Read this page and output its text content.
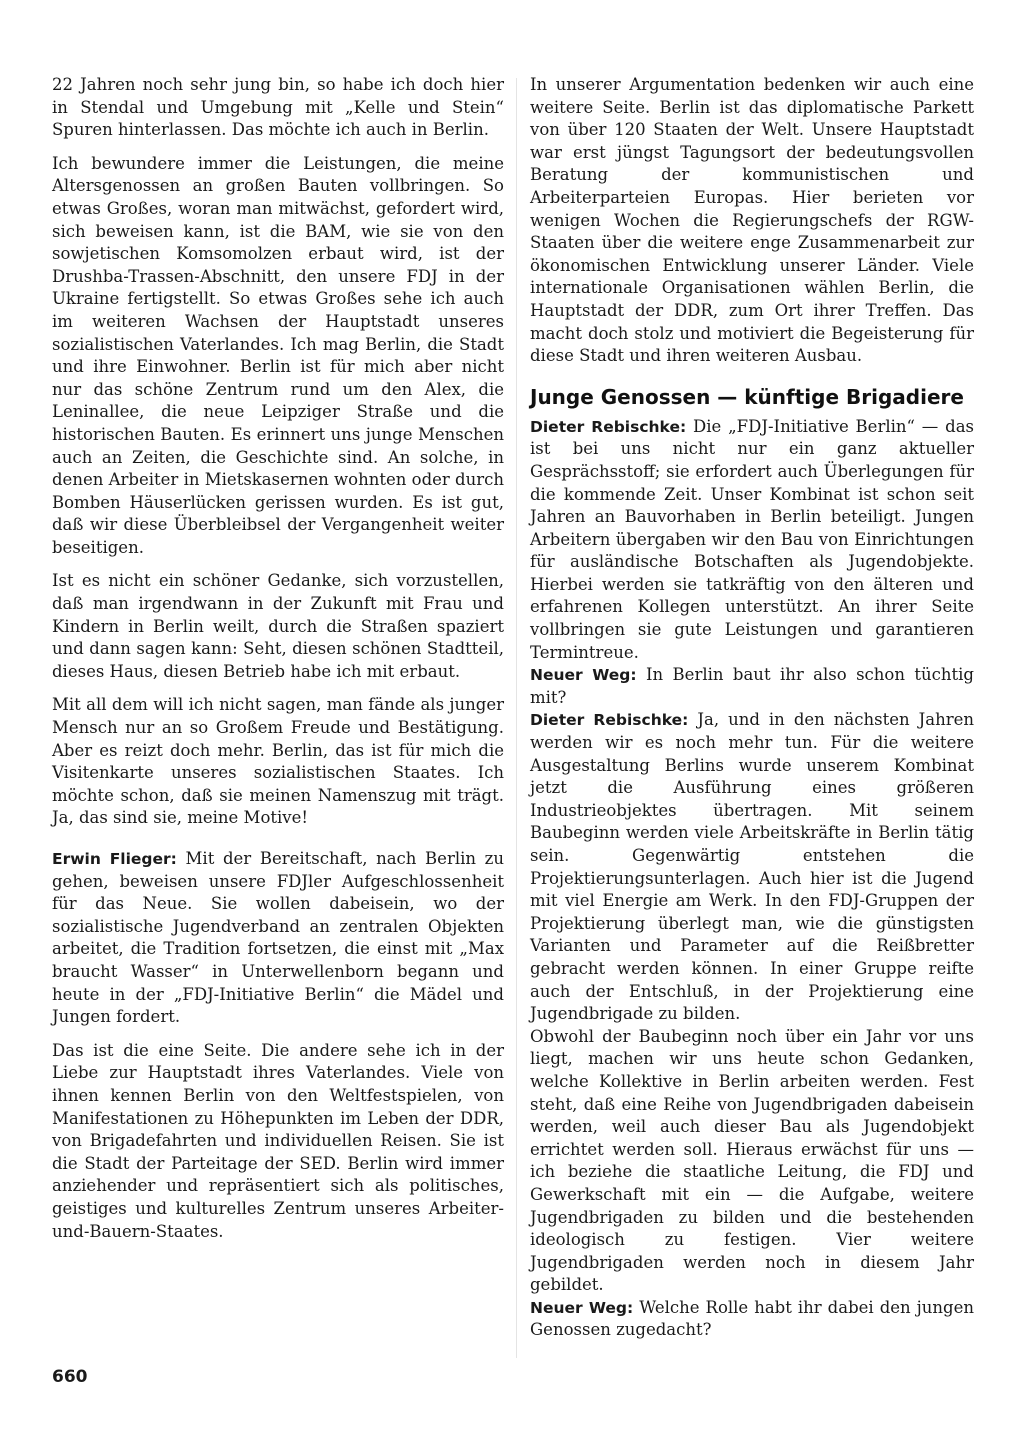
22 Jahren noch sehr jung bin, so habe ich doch hier in Stendal und Umgebung mit „Kelle und Stein“ Spuren hinterlassen. Das möchte ich auch in Berlin.

Ich bewundere immer die Leistungen, die meine Altersgenossen an großen Bauten vollbringen. So etwas Großes, woran man mitwächst, gefordert wird, sich beweisen kann, ist die BAM, wie sie von den sowjetischen Komsomolzen erbaut wird, ist der Drushba-Trassen-Abschnitt, den unsere FDJ in der Ukraine fertigstellt. So etwas Großes sehe ich auch im weiteren Wachsen der Hauptstadt unseres sozialistischen Vaterlandes. Ich mag Berlin, die Stadt und ihre Einwohner. Berlin ist für mich aber nicht nur das schöne Zentrum rund um den Alex, die Leninallee, die neue Leipziger Straße und die historischen Bauten. Es erinnert uns junge Menschen auch an Zeiten, die Geschichte sind. An solche, in denen Arbeiter in Mietskasernen wohnten oder durch Bomben Häuserlücken gerissen wurden. Es ist gut, daß wir diese Überbleibsel der Vergangenheit weiter beseitigen.

Ist es nicht ein schöner Gedanke, sich vorzustellen, daß man irgendwann in der Zukunft mit Frau und Kindern in Berlin weilt, durch die Straßen spaziert und dann sagen kann: Seht, diesen schönen Stadtteil, dieses Haus, diesen Betrieb habe ich mit erbaut.

Mit all dem will ich nicht sagen, man fände als junger Mensch nur an so Großem Freude und Bestätigung. Aber es reizt doch mehr. Berlin, das ist für mich die Visitenkarte unseres sozialistischen Staates. Ich möchte schon, daß sie meinen Namenszug mit trägt. Ja, das sind sie, meine Motive!

Erwin Flieger: Mit der Bereitschaft, nach Berlin zu gehen, beweisen unsere FDJler Aufgeschlossenheit für das Neue. Sie wollen dabeisein, wo der sozialistische Jugendverband an zentralen Objekten arbeitet, die Tradition fortsetzen, die einst mit „Max braucht Wasser“ in Unterwellenborn begann und heute in der „FDJ-Initiative Berlin“ die Mädel und Jungen fordert.

Das ist die eine Seite. Die andere sehe ich in der Liebe zur Hauptstadt ihres Vaterlandes. Viele von ihnen kennen Berlin von den Weltfestspielen, von Manifestationen zu Höhepunkten im Leben der DDR, von Brigadefahrten und individuellen Reisen. Sie ist die Stadt der Parteitage der SED. Berlin wird immer anziehender und repräsentiert sich als politisches, geistiges und kulturelles Zentrum unseres Arbeiter-und-Bauern-Staates.

In unserer Argumentation bedenken wir auch eine weitere Seite. Berlin ist das diplomatische Parkett von über 120 Staaten der Welt. Unsere Hauptstadt war erst jüngst Tagungsort der bedeutungsvollen Beratung der kommunistischen und Arbeiterparteien Europas. Hier berieten vor wenigen Wochen die Regierungschefs der RGW-Staaten über die weitere enge Zusammenarbeit zur ökonomischen Entwicklung unserer Länder. Viele internationale Organisationen wählen Berlin, die Hauptstadt der DDR, zum Ort ihrer Treffen. Das macht doch stolz und motiviert die Begeisterung für diese Stadt und ihren weiteren Ausbau.

Junge Genossen — künftige Brigadiere

Dieter Rebischke: Die „FDJ-Initiative Berlin“ — das ist bei uns nicht nur ein ganz aktueller Gesprächsstoff; sie erfordert auch Überlegungen für die kommende Zeit. Unser Kombinat ist schon seit Jahren an Bauvorhaben in Berlin beteiligt. Jungen Arbeitern übergaben wir den Bau von Einrichtungen für ausländische Botschaften als Jugendobjekte. Hierbei werden sie tatkräftig von den älteren und erfahrenen Kollegen unterstützt. An ihrer Seite vollbringen sie gute Leistungen und garantieren Termintreue.

Neuer Weg: In Berlin baut ihr also schon tüchtig mit?

Dieter Rebischke: Ja, und in den nächsten Jahren werden wir es noch mehr tun. Für die weitere Ausgestaltung Berlins wurde unserem Kombinat jetzt die Ausführung eines größeren Industrieobjektes übertragen. Mit seinem Baubeginn werden viele Arbeitskräfte in Berlin tätig sein. Gegenwärtig entstehen die Projektierungsunterlagen. Auch hier ist die Jugend mit viel Energie am Werk. In den FDJ-Gruppen der Projektierung überlegt man, wie die günstigsten Varianten und Parameter auf die Reißbretter gebracht werden können. In einer Gruppe reifte auch der Entschluß, in der Projektierung eine Jugendbrigade zu bilden.

Obwohl der Baubeginn noch über ein Jahr vor uns liegt, machen wir uns heute schon Gedanken, welche Kollektive in Berlin arbeiten werden. Fest steht, daß eine Reihe von Jugendbrigaden dabeisein werden, weil auch dieser Bau als Jugendobjekt errichtet werden soll. Hieraus erwächst für uns — ich beziehe die staatliche Leitung, die FDJ und Gewerkschaft mit ein — die Aufgabe, weitere Jugendbrigaden zu bilden und die bestehenden ideologisch zu festigen. Vier weitere Jugendbrigaden werden noch in diesem Jahr gebildet.

Neuer Weg: Welche Rolle habt ihr dabei den jungen Genossen zugedacht?

660
